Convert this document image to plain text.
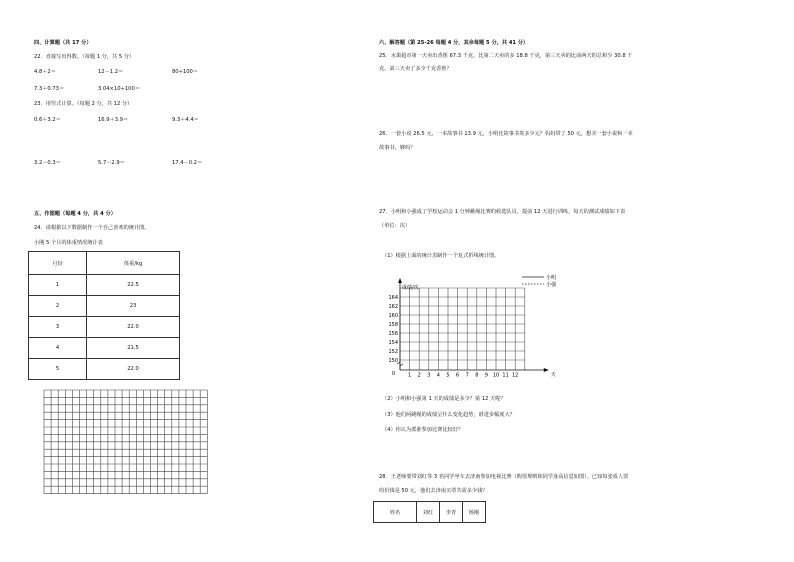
四、计算题（共 17 分）
22．直接写出得数。（每题 1 分，共 5 分）
4.8＋2＝	12－1.2＝	80÷100＝
7.3＋0.73＝	3.04×10÷100＝
23．用竖式计算。（每题 2 分，共 12 分）
0.6＋3.2＝	16.9＋3.9＝	9.3＋4.4＝
3.2－0.3＝	5.7－2.9＝	17.4－0.2＝
五、作图题（每题 4 分，共 4 分）
24．请根据以下数据制作一个自己喜欢的统计图。
小刚 5 个月的体重情况统计表
月份	体重/kg
1	22.5
2	23
3	22.0
4	21.5
5	22.0
六、解答题（第 25-26 每题 4 分，其余每题 5 分，共 41 分）
25．水果超市第一天卖出香蕉 67.3 千克，比第二天卖的多 18.8 千克，第三天卖的比前两天的总和少 30.8 千
克。第三天卖了多少千克香蕉？
26．一套小说 26.5 元，一本故事书 13.9 元，小明比故事书贵多少元？妈妈带了 50 元，想买一套小说和一本
故事书，够吗？
27．小明和小强成了学校运动会 1 分钟跳绳比赛的候选队员，提前 12 天进行训练。每天的测试成绩如下表
（单位：次）
（1）根据上面的统计表制作一个复式折线统计图。
164
162
160
158
156
154
152
150
0	1 2 3 4 5 6 7 8 9 10 11 12
成绩/次
天
小明
小强
（2）小明和小强第 1 天的成绩是多少？第 12 天呢？
（3）他们两跳绳的成绩呈什么变化趋势，谁进步幅度大？
（4）你认为派谁参加比赛比较好？
28．王老师要带刘红等 3 名同学坐车去济南参加电视比赛（购票规则和同学身高信息如图）。已知每张成人票
的价钱是 50 元，他们去济南买票共需多少钱？
姓名	刘红	李青	杨刚
